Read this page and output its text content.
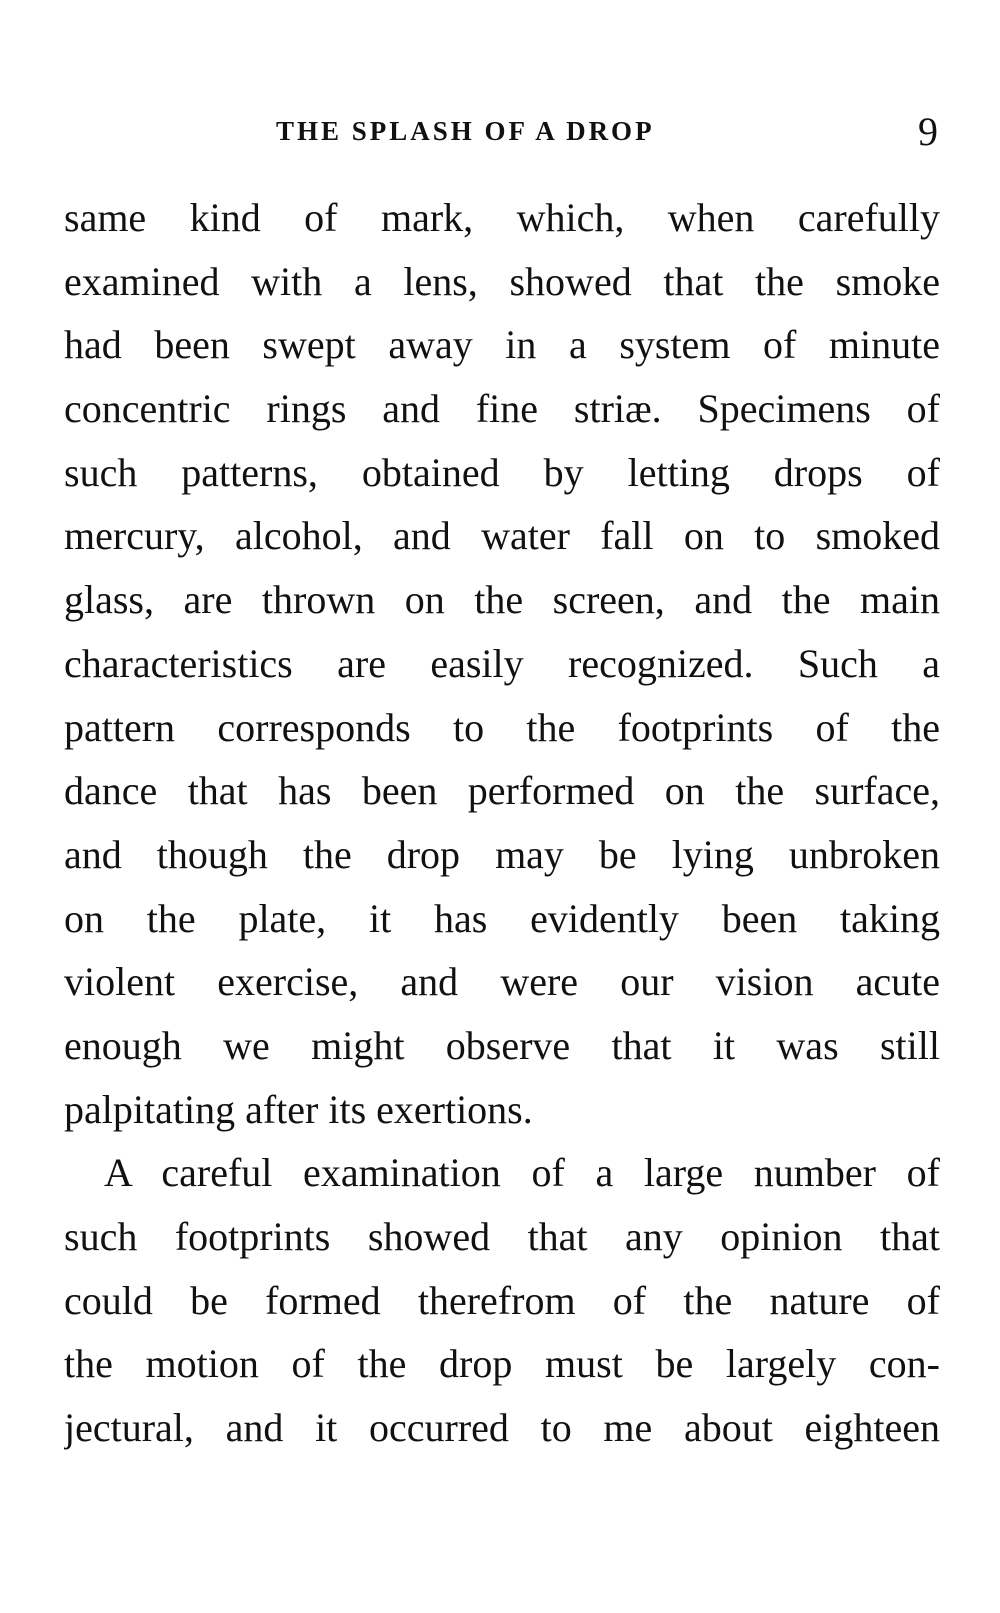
THE SPLASH OF A DROP	9
same kind of mark, which, when carefully
examined with a lens, showed that the smoke
had been swept away in a system of minute
concentric rings and fine striæ. Specimens of
such patterns, obtained by letting drops of
mercury, alcohol, and water fall on to smoked
glass, are thrown on the screen, and the main
characteristics are easily recognized. Such a
pattern corresponds to the footprints of the
dance that has been performed on the surface,
and though the drop may be lying unbroken
on the plate, it has evidently been taking
violent exercise, and were our vision acute
enough we might observe that it was still
palpitating after its exertions.
A careful examination of a large number of
such footprints showed that any opinion that
could be formed therefrom of the nature of
the motion of the drop must be largely con-
jectural, and it occurred to me about eighteen
